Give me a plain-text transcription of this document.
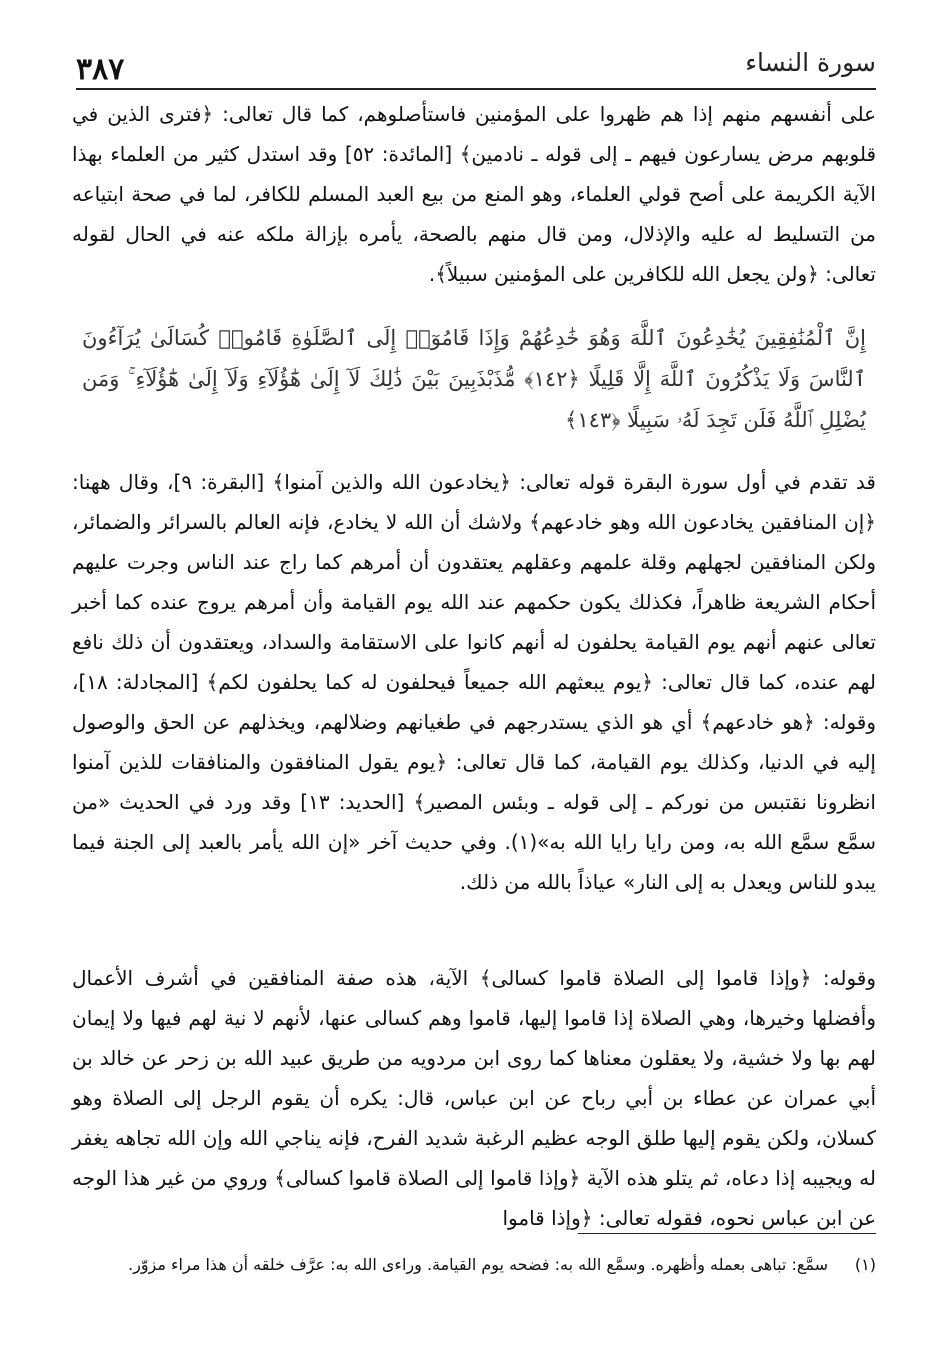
٣٨٧	سورة النساء

على أنفسهم منهم إذا هم ظهروا على المؤمنين فاستأصلوهم، كما قال تعالى: ﴿فترى الذين في قلوبهم مرض يسارعون فيهم ـ إلى قوله ـ نادمين﴾ [المائدة: ٥٢] وقد استدل كثير من العلماء بهذا الآية الكريمة على أصح قولي العلماء، وهو المنع من بيع العبد المسلم للكافر، لما في صحة ابتياعه من التسليط له عليه والإذلال، ومن قال منهم بالصحة، يأمره بإزالة ملكه عنه في الحال لقوله تعالى: ﴿ولن يجعل الله للكافرين على المؤمنين سبيلاً﴾.

إِنَّ ٱلْمُنَٰفِقِينَ يُخَٰدِعُونَ ٱللَّهَ وَهُوَ خَٰدِعُهُمْ وَإِذَا قَامُوٓا۟ إِلَى ٱلصَّلَوٰةِ قَامُوا۟ كُسَالَىٰ يُرَآءُونَ ٱلنَّاسَ وَلَا يَذْكُرُونَ ٱللَّهَ إِلَّا قَلِيلًا ﴿١٤٢﴾ مُّذَبْذَبِينَ بَيْنَ ذَٰلِكَ لَآ إِلَىٰ هَٰٓؤُلَآءِ وَلَآ إِلَىٰ هَٰٓؤُلَآءِ ۚ وَمَن يُضْلِلِ ٱللَّهُ فَلَن تَجِدَ لَهُۥ سَبِيلًا ﴿١٤٣﴾

قد تقدم في أول سورة البقرة قوله تعالى: ﴿يخادعون الله والذين آمنوا﴾ [البقرة: ٩]، وقال ههنا: ﴿إن المنافقين يخادعون الله وهو خادعهم﴾ ولاشك أن الله لا يخادع، فإنه العالم بالسرائر والضمائر، ولكن المنافقين لجهلهم وقلة علمهم وعقلهم يعتقدون أن أمرهم كما راج عند الناس وجرت عليهم أحكام الشريعة ظاهراً، فكذلك يكون حكمهم عند الله يوم القيامة وأن أمرهم يروج عنده كما أخبر تعالى عنهم أنهم يوم القيامة يحلفون له أنهم كانوا على الاستقامة والسداد، ويعتقدون أن ذلك نافع لهم عنده، كما قال تعالى: ﴿يوم يبعثهم الله جميعاً فيحلفون له كما يحلفون لكم﴾ [المجادلة: ١٨]، وقوله: ﴿هو خادعهم﴾ أي هو الذي يستدرجهم في طغيانهم وضلالهم، ويخذلهم عن الحق والوصول إليه في الدنيا، وكذلك يوم القيامة، كما قال تعالى: ﴿يوم يقول المنافقون والمنافقات للذين آمنوا انظرونا نقتبس من نوركم ـ إلى قوله ـ وبئس المصير﴾ [الحديد: ١٣] وقد ورد في الحديث «من سمَّع سمَّع الله به، ومن رايا رايا الله به»(١). وفي حديث آخر «إن الله يأمر بالعبد إلى الجنة فيما يبدو للناس ويعدل به إلى النار» عياذاً بالله من ذلك.

وقوله: ﴿وإذا قاموا إلى الصلاة قاموا كسالى﴾ الآية، هذه صفة المنافقين في أشرف الأعمال وأفضلها وخيرها، وهي الصلاة إذا قاموا إليها، قاموا وهم كسالى عنها، لأنهم لا نية لهم فيها ولا إيمان لهم بها ولا خشية، ولا يعقلون معناها كما روى ابن مردويه من طريق عبيد الله بن زحر عن خالد بن أبي عمران عن عطاء بن أبي رباح عن ابن عباس، قال: يكره أن يقوم الرجل إلى الصلاة وهو كسلان، ولكن يقوم إليها طلق الوجه عظيم الرغبة شديد الفرح، فإنه يناجي الله وإن الله تجاهه يغفر له ويجيبه إذا دعاه، ثم يتلو هذه الآية ﴿وإذا قاموا إلى الصلاة قاموا كسالى﴾ وروي من غير هذا الوجه عن ابن عباس نحوه، فقوله تعالى: ﴿وإذا قاموا

(١)سمَّع: تباهى بعمله وأظهره. وسمَّع الله به: فضحه يوم القيامة. وراءى الله به: عرَّف خلقه أن هذا مراء مزوّر.
